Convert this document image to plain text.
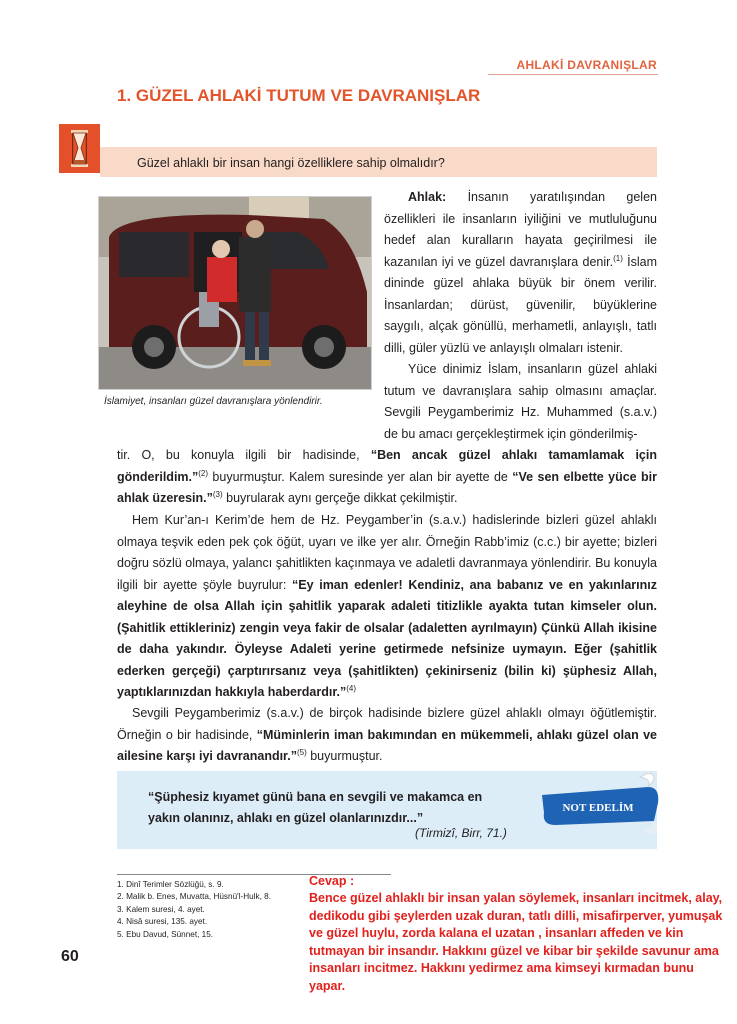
AHLAKİ DAVRANIŞLAR
1. GÜZEL AHLAKİ TUTUM VE DAVRANIŞLAR
Güzel ahlaklı bir insan hangi özelliklere sahip olmalıdır?
İslamiyet, insanları güzel davranışlara yönlendirir.
Ahlak: İnsanın yaratılışından gelen özellikleri ile insanların iyiliğini ve mutluluğunu hedef alan kuralların hayata geçirilmesi ile kazanılan iyi ve güzel davranışlara denir.$^{(1)}$ İslam dininde güzel ahlaka büyük bir önem verilir. İnsanlardan; dürüst, güvenilir, büyüklerine saygılı, alçak gönüllü, merhametli, anlayışlı, tatlı dilli, güler yüzlü ve anlayışlı olmaları istenir.
Yüce dinimiz İslam, insanların güzel ahlaki tutum ve davranışlara sahip olmasını amaçlar. Sevgili Peygamberimiz Hz. Muhammed (s.a.v.) de bu amacı gerçekleştirmek için gönderilmiş-
tir. O, bu konuyla ilgili bir hadisinde, “Ben ancak güzel ahlakı tamamlamak için gönderildim.”$^{(2)}$ buyurmuştur. Kalem suresinde yer alan bir ayette de “Ve sen elbette yüce bir ahlak üzeresin.”$^{(3)}$ buyrularak aynı gerçeğe dikkat çekilmiştir.
Hem Kur’an-ı Kerim’de hem de Hz. Peygamber’in (s.a.v.) hadislerinde bizleri güzel ahlaklı olmaya teşvik eden pek çok öğüt, uyarı ve ilke yer alır. Örneğin Rabb’imiz (c.c.) bir ayette; bizleri doğru sözlü olmaya, yalancı şahitlikten kaçınmaya ve adaletli davranmaya yönlendirir. Bu konuyla ilgili bir ayette şöyle buyrulur: “Ey iman edenler! Kendiniz, ana babanız ve en yakınlarınız aleyhine de olsa Allah için şahitlik yaparak adaleti titizlikle ayakta tutan kimseler olun. (Şahitlik ettikleriniz) zengin veya fakir de olsalar (adaletten ayrılmayın) Çünkü Allah ikisine de daha yakındır. Öyleyse Adaleti yerine getirmede nefsinize uymayın. Eğer (şahitlik ederken gerçeği) çarptırırsanız veya (şahitlikten) çekinirseniz (bilin ki) şüphesiz Allah, yaptıklarınızdan hakkıyla haberdardır.”$^{(4)}$
Sevgili Peygamberimiz (s.a.v.) de birçok hadisinde bizlere güzel ahlaklı olmayı öğütlemiştir. Örneğin o bir hadisinde, “Müminlerin iman bakımından en mükemmeli, ahlakı güzel olan ve ailesine karşı iyi davranandır.”$^{(5)}$ buyurmuştur.
“Şüphesiz kıyamet günü bana en sevgili ve makamca en yakın olanınız, ahlakı en güzel olanlarınızdır...”
(Tirmizî, Birr, 71.)
NOT EDELİM
1. Dinî Terimler Sözlüğü, s. 9.
2. Malik b. Enes, Muvatta, Hüsnü'l-Hulk, 8.
3. Kalem suresi, 4. ayet.
4. Nisâ suresi, 135. ayet.
5. Ebu Davud, Sünnet, 15.
60
Cevap :
Bence güzel ahlaklı bir insan yalan söylemek, insanları incitmek, alay, dedikodu gibi şeylerden uzak duran, tatlı dilli, misafirperver, yumuşak ve güzel huylu, zorda kalana el uzatan , insanları affeden ve kin tutmayan bir insandır. Hakkını güzel ve kibar bir şekilde savunur ama insanları incitmez. Hakkını yedirmez ama kimseyi kırmadan bunu yapar.
